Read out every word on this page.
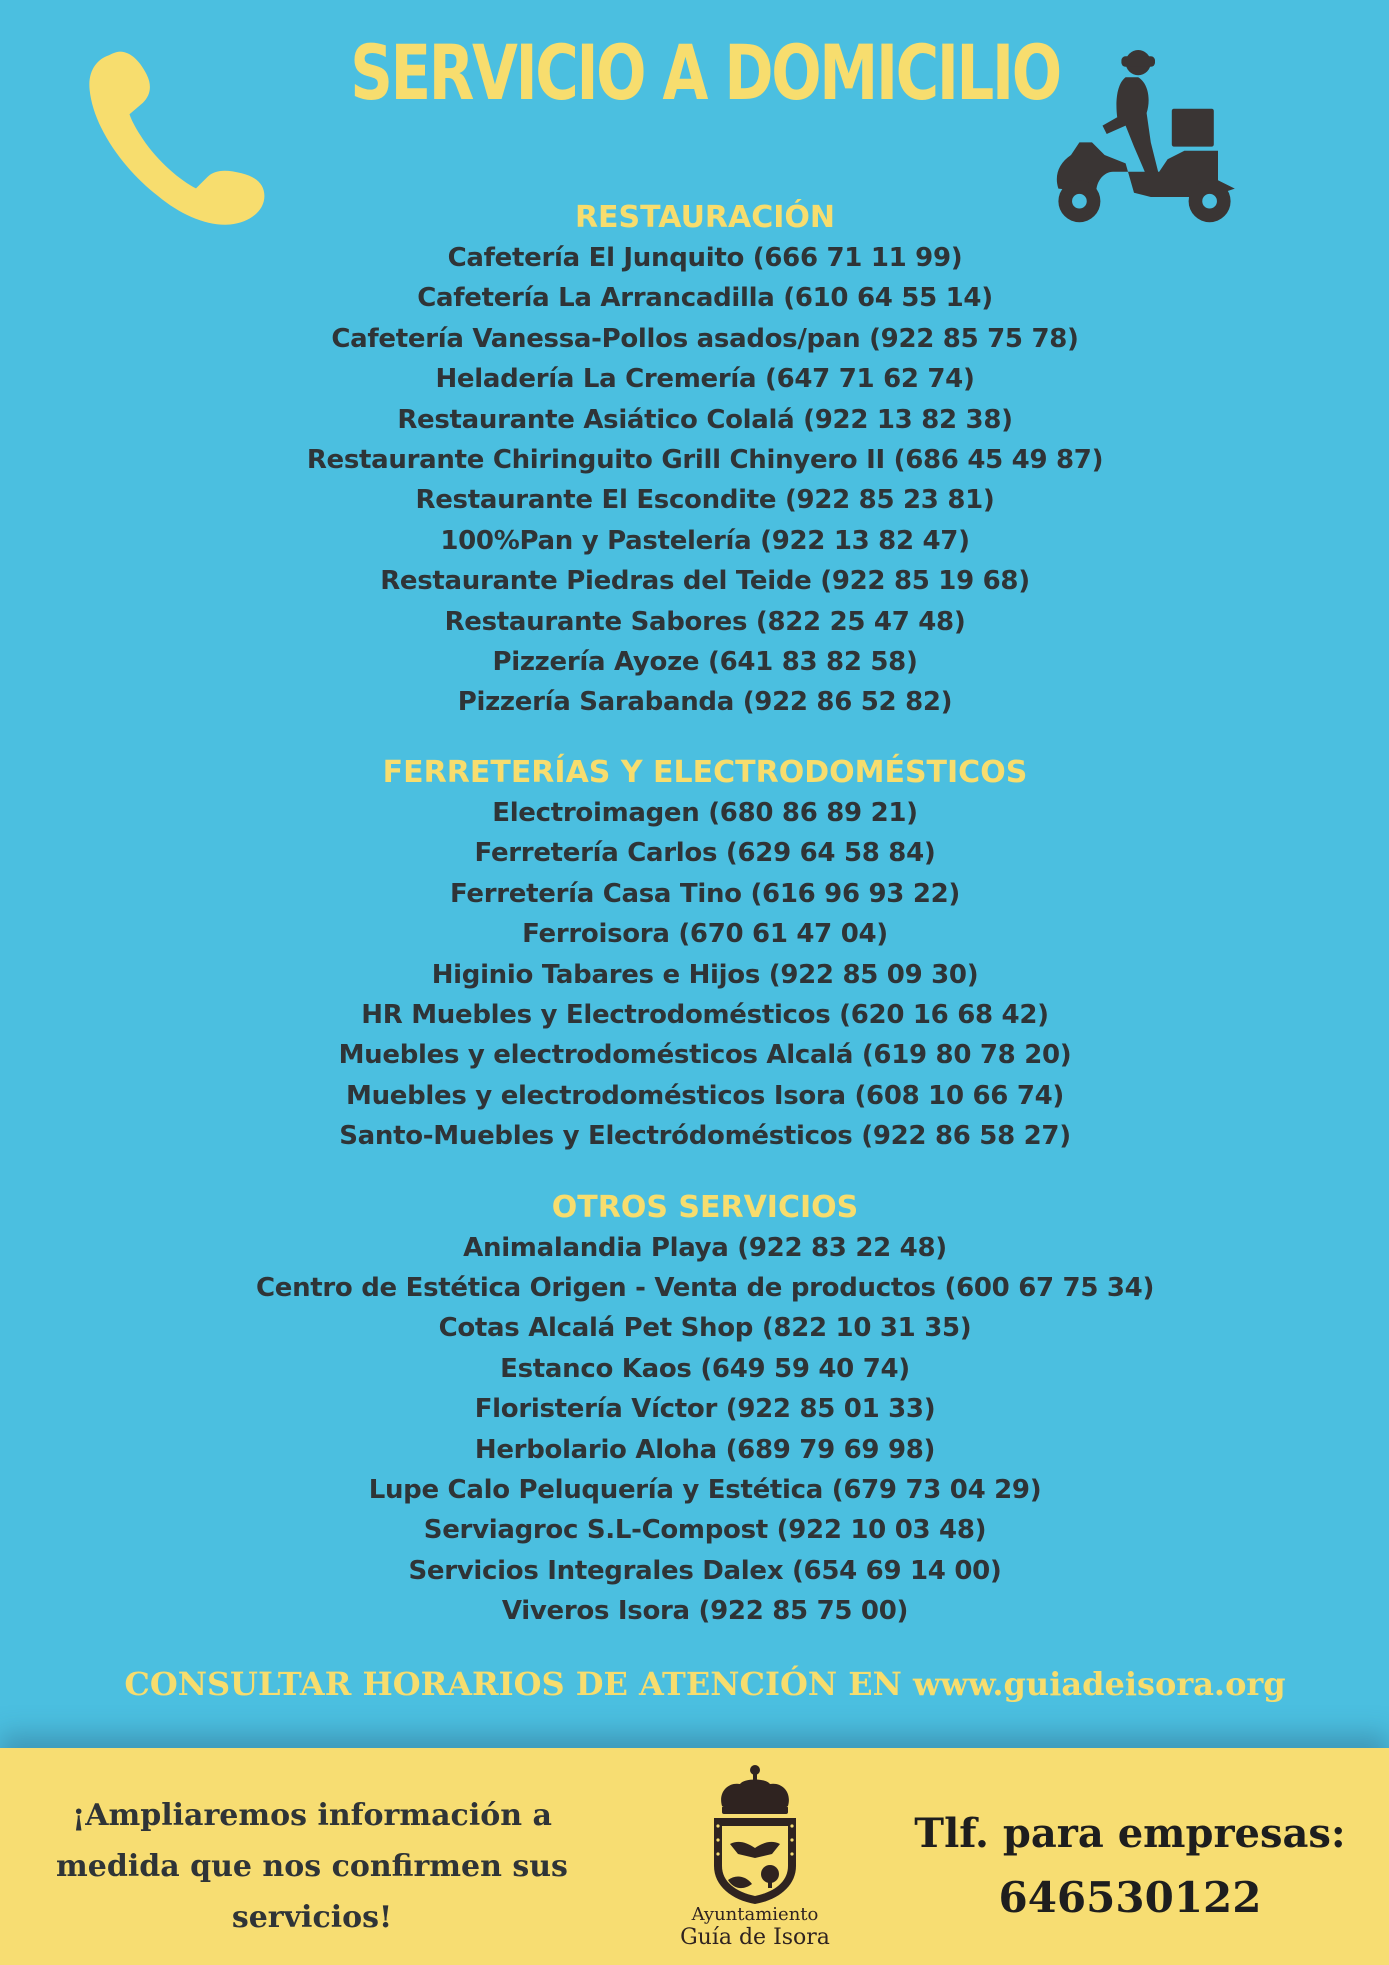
SERVICIO A DOMICILIO
RESTAURACIÓN
Cafetería El Junquito (666 71 11 99)
Cafetería La Arrancadilla (610 64 55 14)
Cafetería Vanessa-Pollos asados/pan (922 85 75 78)
Heladería La Cremería (647 71 62 74)
Restaurante Asiático Colalá (922 13 82 38)
Restaurante Chiringuito Grill Chinyero II (686 45 49 87)
Restaurante El Escondite (922 85 23 81)
100%Pan y Pastelería (922 13 82 47)
Restaurante Piedras del Teide (922 85 19 68)
Restaurante Sabores (822 25 47 48)
Pizzería Ayoze (641 83 82 58)
Pizzería Sarabanda (922 86 52 82)
FERRETERÍAS Y ELECTRODOMÉSTICOS
Electroimagen (680 86 89 21)
Ferretería Carlos (629 64 58 84)
Ferretería Casa Tino (616 96 93 22)
Ferroisora (670 61 47 04)
Higinio Tabares e Hijos (922 85 09 30)
HR Muebles y Electrodomésticos (620 16 68 42)
Muebles y electrodomésticos Alcalá (619 80 78 20)
Muebles y electrodomésticos Isora (608 10 66 74)
Santo-Muebles y Electródomésticos (922 86 58 27)
OTROS SERVICIOS
Animalandia Playa (922 83 22 48)
Centro de Estética Origen - Venta de productos (600 67 75 34)
Cotas Alcalá Pet Shop (822 10 31 35)
Estanco Kaos (649 59 40 74)
Floristería Víctor (922 85 01 33)
Herbolario Aloha (689 79 69 98)
Lupe Calo Peluquería y Estética (679 73 04 29)
Serviagroc S.L-Compost (922 10 03 48)
Servicios Integrales Dalex (654 69 14 00)
Viveros Isora (922 85 75 00)
CONSULTAR HORARIOS DE ATENCIÓN EN www.guiadeisora.org
¡Ampliaremos información a
medida que nos confirmen sus
servicios!	Ayuntamiento
Guía de Isora
Tlf. para empresas:
646530122
